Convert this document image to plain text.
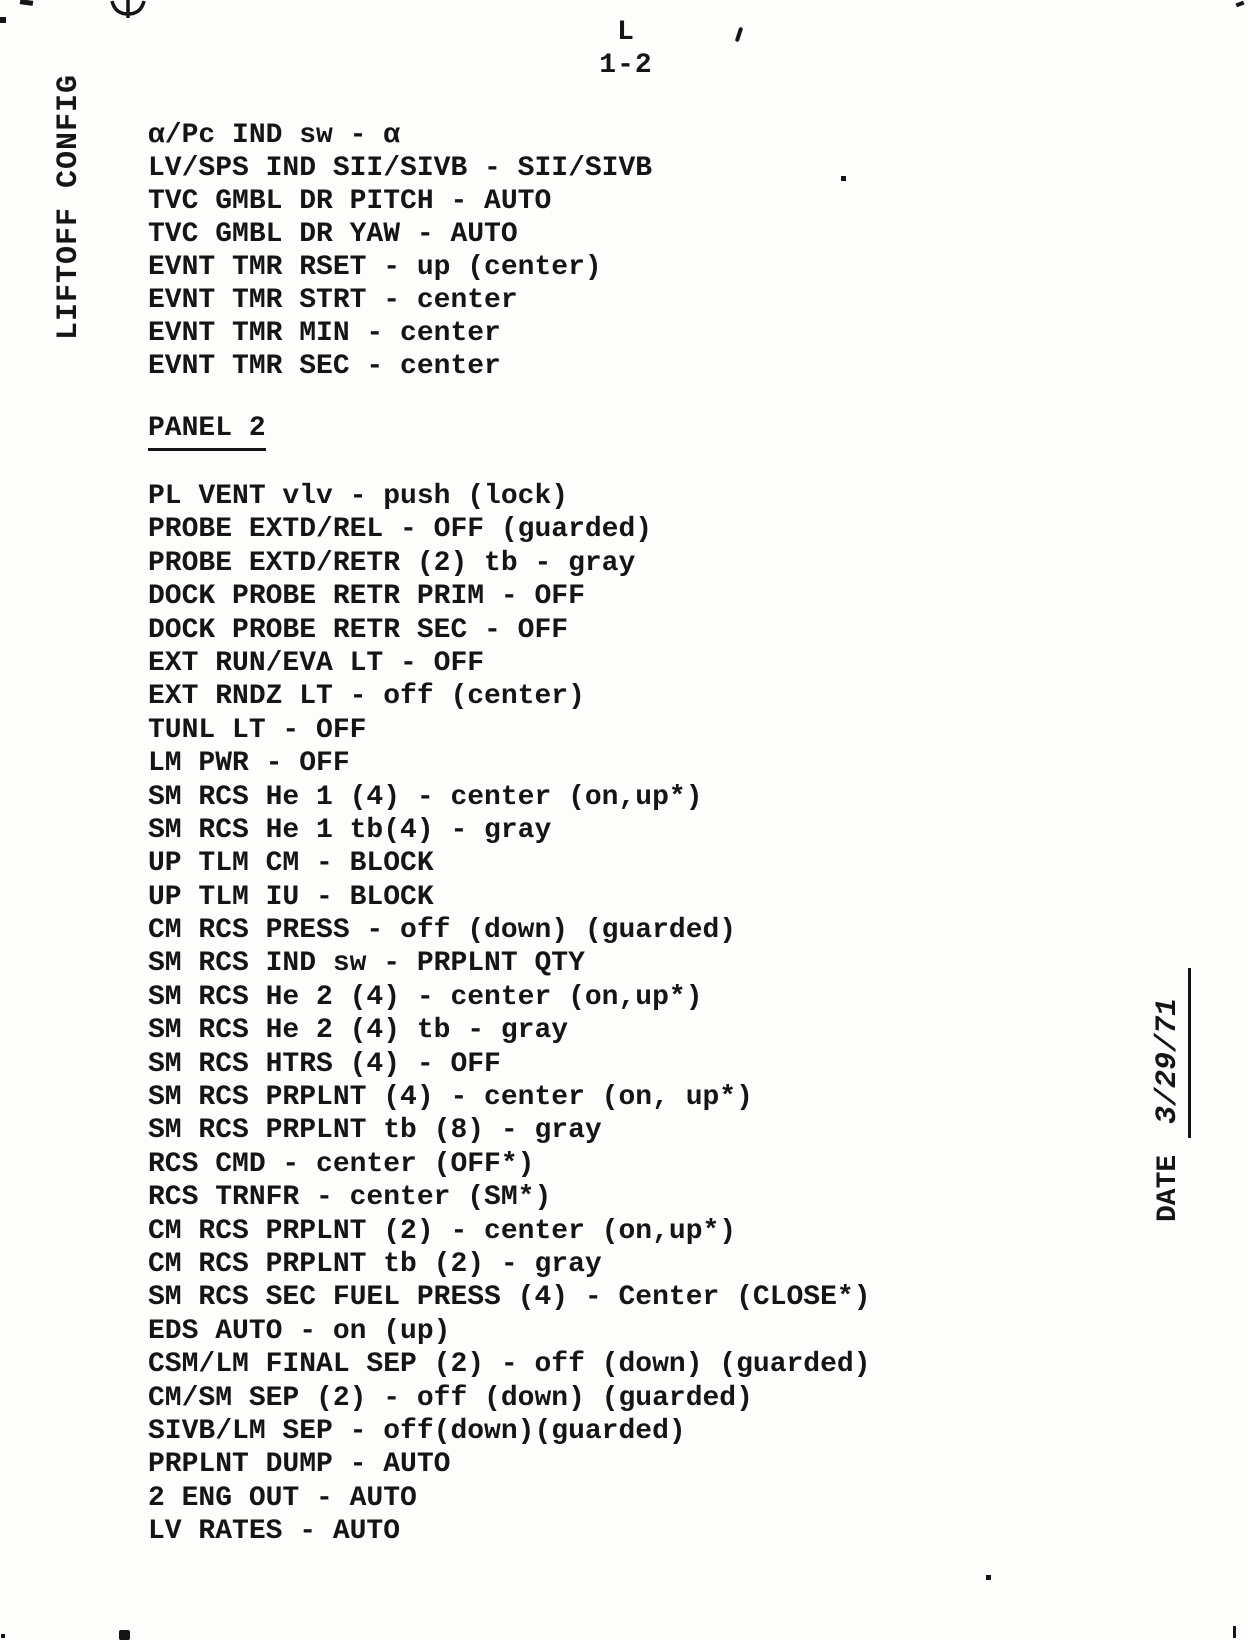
L
1-2
LIFTOFF CONFIG α/Pc IND sw - α
LV/SPS IND SII/SIVB - SII/SIVB
TVC GMBL DR PITCH - AUTO
TVC GMBL DR YAW - AUTO
EVNT TMR RSET - up (center)
EVNT TMR STRT - center
EVNT TMR MIN - center
EVNT TMR SEC - center
PANEL 2
PL VENT vlv - push (lock)
PROBE EXTD/REL - OFF (guarded)
PROBE EXTD/RETR (2) tb - gray
DOCK PROBE RETR PRIM - OFF
DOCK PROBE RETR SEC - OFF
EXT RUN/EVA LT - OFF
EXT RNDZ LT - off (center)
TUNL LT - OFF
LM PWR - OFF
SM RCS He 1 (4) - center (on,up*)
SM RCS He 1 tb(4) - gray
UP TLM CM - BLOCK
UP TLM IU - BLOCK
CM RCS PRESS - off (down) (guarded)
SM RCS IND sw - PRPLNT QTY
SM RCS He 2 (4) - center (on,up*)
SM RCS He 2 (4) tb - gray
SM RCS HTRS (4) - OFF
SM RCS PRPLNT (4) - center (on, up*)
SM RCS PRPLNT tb (8) - gray
RCS CMD - center (OFF*)
RCS TRNFR - center (SM*)
CM RCS PRPLNT (2) - center (on,up*)
CM RCS PRPLNT tb (2) - gray
SM RCS SEC FUEL PRESS (4) - Center (CLOSE*)
EDS AUTO - on (up)
CSM/LM FINAL SEP (2) - off (down) (guarded)
CM/SM SEP (2) - off (down) (guarded)
SIVB/LM SEP - off(down)(guarded)
PRPLNT DUMP - AUTO
2 ENG OUT - AUTO
LV RATES - AUTO
DATE 3/29/71
